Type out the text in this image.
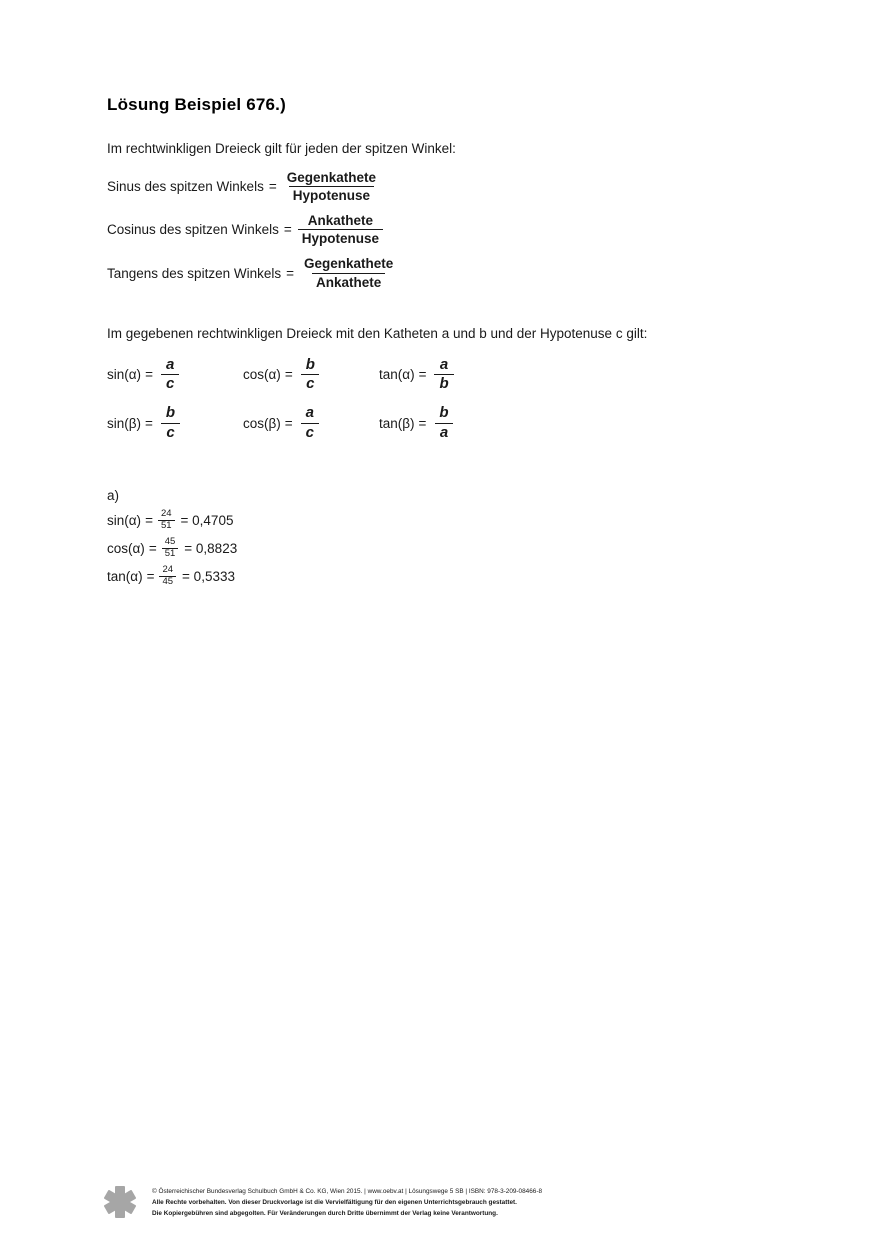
Lösung Beispiel 676.)

Im rechtwinkligen Dreieck gilt für jeden der spitzen Winkel:

Sinus des spitzen Winkels = $\frac{\text{Gegenkathete}}{\text{Hypotenuse}}$
Cosinus des spitzen Winkels = $\frac{\text{Ankathete}}{\text{Hypotenuse}}$
Tangens des spitzen Winkels = $\frac{\text{Gegenkathete}}{\text{Ankathete}}$

Im gegebenen rechtwinkligen Dreieck mit den Katheten a und b und der Hypotenuse c gilt:

$\sin(\alpha) = \frac{a}{c}$	$\cos(\alpha) = \frac{b}{c}$	$\tan(\alpha) = \frac{a}{b}$
$\sin(\beta) = \frac{b}{c}$	$\cos(\beta) = \frac{a}{c}$	$\tan(\beta) = \frac{b}{a}$
a)
$\sin(\alpha) = \frac{24}{51} = 0,4705$
$\cos(\alpha) = \frac{45}{51} = 0,8823$
$\tan(\alpha) = \frac{24}{45} = 0,5333$
© Österreichischer Bundesverlag Schulbuch GmbH & Co. KG, Wien 2015. | www.oebv.at | Lösungswege 5 SB | ISBN: 978-3-209-08466-8
Alle Rechte vorbehalten. Von dieser Druckvorlage ist die Vervielfältigung für den eigenen Unterrichtsgebrauch gestattet.
Die Kopiergebühren sind abgegolten. Für Veränderungen durch Dritte übernimmt der Verlag keine Verantwortung.
